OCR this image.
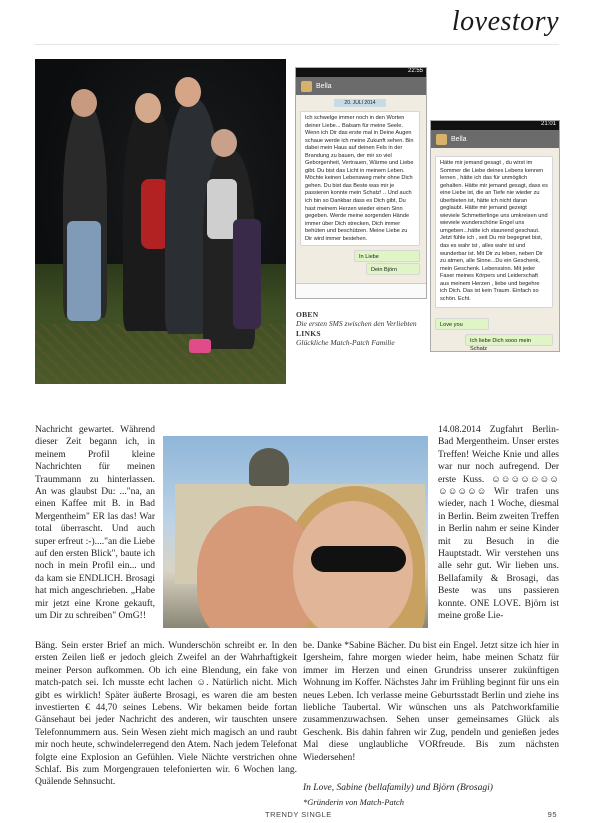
lovestory
22:55
Bella
20. JULI 2014
Ich schwelge immer noch in den Worten deiner Liebe... Balsam für meine Seele. Wenn ich Dir das erste mal in Deine Augen schaue werde ich meine Zukunft sehen. Bin dabei mein Haus auf deinen Fels in der Brandung zu bauen, der mir so viel Geborgenheit, Vertrauen, Wärme und Liebe gibt. Du bist das Licht in meinem Leben. Möchte keinen Lebensweg mehr ohne Dich gehen. Du bist das Beste was mir je passieren konnte mein Schatz! .. Und auch ich bin so Dankbar dass es Dich gibt, Du hast meinem Herzen wieder einen Sinn gegeben. Werde meine sorgenden Hände immer über Dich strecken, Dich immer behüten und beschützen. Meine Liebe zu Dir wird immer bestehen.
In Liebe
Dein Björn
21:01
Bella
Hätte mir jemand gesagt , du wirst im Sommer die Liebe deines Lebens kennen lernen , hätte ich das für unmöglich gehalten. Hätte mir jemand gesagt, dass es eine Liebe ist, die an Tiefe nie wieder zu überbieten ist, hätte ich nicht daran geglaubt. Hätte mir jemand gezeigt wieviele Schmetterlinge uns umkreisen und wieviele wunderschöne Engel uns umgeben...hätte ich staunend geschaut. Jetzt fühle ich , seit Du mir begegnet bist, das es wahr ist , alles wahr ist und wunderbar ist. Mit Dir zu leben, neben Dir zu atmen, alle Sinne...Du ein Geschenk, mein Geschenk. Lebenssinn. Mit jeder Faser meines Körpers und Leiderschaft aus meinem Herzen , liebe und begehre ich Dich. Das ist kein Traum. Einfach so schön. Echt.
Love you
Ich liebe Dich sooo mein Schatz
OBEN
Die ersten SMS zwischen den Verliebten
LINKS
Glückliche Match-Patch Familie
Nachricht gewartet. Während dieser Zeit begann ich, in meinem Profil kleine Nachrichten für meinen Traummann zu hinterlassen. An was glaubst Du: ..."na, an einen Kaffee mit B. in Bad Mergentheim" ER las das! War total überrascht. Und auch super erfreut :-)...."an die Liebe auf den ersten Blick", baute ich noch in mein Profil ein... und da kam sie ENDLICH. Brosagi hat mich angeschrieben. „Habe mir jetzt eine Krone gekauft, um Dir zu schreiben" OmG!!
14.08.2014 Zugfahrt Berlin-Bad Mergentheim. Unser erstes Treffen! Weiche Knie und alles war nur noch aufregend. Der erste Kuss. ☺☺☺☺☺☺☺☺☺☺☺☺ Wir trafen uns wieder, nach 1 Woche, diesmal in Berlin. Beim zweiten Treffen in Berlin nahm er seine Kinder mit zu Besuch in die Hauptstadt. Wir verstehen uns alle sehr gut. Wir lieben uns. Bellafamily & Brosagi, das Beste was uns passieren konnte. ONE LOVE. Björn ist meine große Lie-
Bäng. Sein erster Brief an mich. Wunderschön schreibt er. In den ersten Zeilen ließ er jedoch gleich Zweifel an der Wahrhaftigkeit meiner Person aufkommen. Ob ich eine Blendung, ein fake von match-patch sei. Ich musste echt lachen ☺. Natürlich nicht. Mich gibt es wirklich! Später äußerte Brosagi, es waren die am besten investierten € 44,70 seines Lebens. Wir bekamen beide fortan Gänsehaut bei jeder Nachricht des anderen, wir tauschten unsere Telefonnummern aus. Sein Wesen zieht mich magisch an und raubt mir noch heute, schwindelerregend den Atem. Nach jedem Telefonat folgte eine Explosion an Gefühlen. Viele Nächte verstrichen ohne Schlaf. Bis zum Morgengrauen telefonierten wir. 6 Wochen lang. Quälende Sehnsucht.
be. Danke *Sabine Bächer. Du bist ein Engel. Jetzt sitze ich hier in Igersheim, fahre morgen wieder heim, habe meinen Schatz für immer im Herzen und einen Grundriss unserer zukünftigen Wohnung im Koffer. Nächstes Jahr im Frühling beginnt für uns ein neues Leben. Ich verlasse meine Geburtsstadt Berlin und ziehe ins liebliche Taubertal. Wir wünschen uns als Patchworkfamilie zusammenzuwachsen. Sehen unser gemeinsames Glück als Geschenk. Bis dahin fahren wir Zug, pendeln und genießen jedes Mal diese unglaubliche VORfreude. Bis zum nächsten Wiedersehen!
In Love, Sabine (bellafamily) und Björn (Brosagi)
*Gründerin von Match-Patch
TRENDY SINGLE	95
